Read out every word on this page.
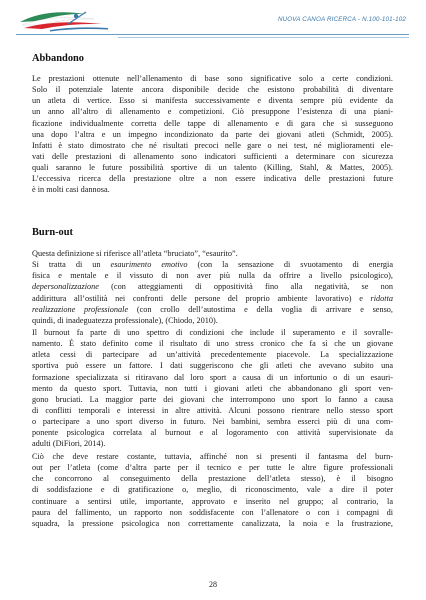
NUOVA CANOA RICERCA - N.100-101-102
Abbandono

Le prestazioni ottenute nell’allenamento di base sono significative solo a certe condizioni.
Solo il potenziale latente ancora disponibile decide che esistono probabilità di diventare
un atleta di vertice. Esso si manifesta successivamente e diventa sempre più evidente da
un anno all’altro di allenamento e competizioni. Ciò presuppone l’esistenza di una piani-
ficazione individualmente corretta delle tappe di allenamento e di gara che si susseguono
una dopo l’altra e un impegno incondizionato da parte dei giovani atleti (Schmidt, 2005).
Infatti è stato dimostrato che né risultati precoci nelle gare o nei test, né miglioramenti ele-
vati delle prestazioni di allenamento sono indicatori sufficienti a determinare con sicurezza
quali saranno le future possibilità sportive di un talento (Killing, Stahl, & Mattes, 2005).
L’eccessiva ricerca della prestazione oltre a non essere indicativa delle prestazioni future
è in molti casi dannosa.

Burn-out

Questa definizione si riferisce all’atleta “bruciato”, “esaurito”.
Si tratta di un esaurimento emotivo (con la sensazione di svuotamento di energia
fisica e mentale e il vissuto di non aver più nulla da offrire a livello psicologico),
depersonalizzazione (con atteggiamenti di oppositività fino alla negatività, se non
addirittura all’ostilità nei confronti delle persone del proprio ambiente lavorativo) e ridotta
realizzazione professionale (con crollo dell’autostima e della voglia di arrivare e senso,
quindi, di inadeguatezza professionale), (Chiodo, 2010).

Il burnout fa parte di uno spettro di condizioni che include il superamento e il sovralle-
namento. È stato definito come il risultato di uno stress cronico che fa sì che un giovane
atleta cessi di partecipare ad un’attività precedentemente piacevole. La specializzazione
sportiva può essere un fattore. I dati suggeriscono che gli atleti che avevano subito una
formazione specializzata si ritiravano dal loro sport a causa di un infortunio o di un esauri-
mento da questo sport. Tuttavia, non tutti i giovani atleti che abbandonano gli sport ven-
gono bruciati. La maggior parte dei giovani che interrompono uno sport lo fanno a causa
di conflitti temporali e interessi in altre attività. Alcuni possono rientrare nello stesso sport
o partecipare a uno sport diverso in futuro. Nei bambini, sembra esserci più di una com-
ponente psicologica correlata al burnout e al logoramento con attività supervisionate da
adulti (DiFiori, 2014).

Ciò che deve restare costante, tuttavia, affinché non si presenti il fantasma del burn-
out per l’atleta (come d’altra parte per il tecnico e per tutte le altre figure professionali
che concorrono al conseguimento della prestazione dell’atleta stesso), è il bisogno
di soddisfazione e di gratificazione o, meglio, di riconoscimento, vale a dire il poter
continuare a sentirsi utile, importante, approvato e inserito nel gruppo; al contrario, la
paura del fallimento, un rapporto non soddisfacente con l’allenatore o con i compagni di
squadra, la pressione psicologica non correttamente canalizzata, la noia e la frustrazione,

28
